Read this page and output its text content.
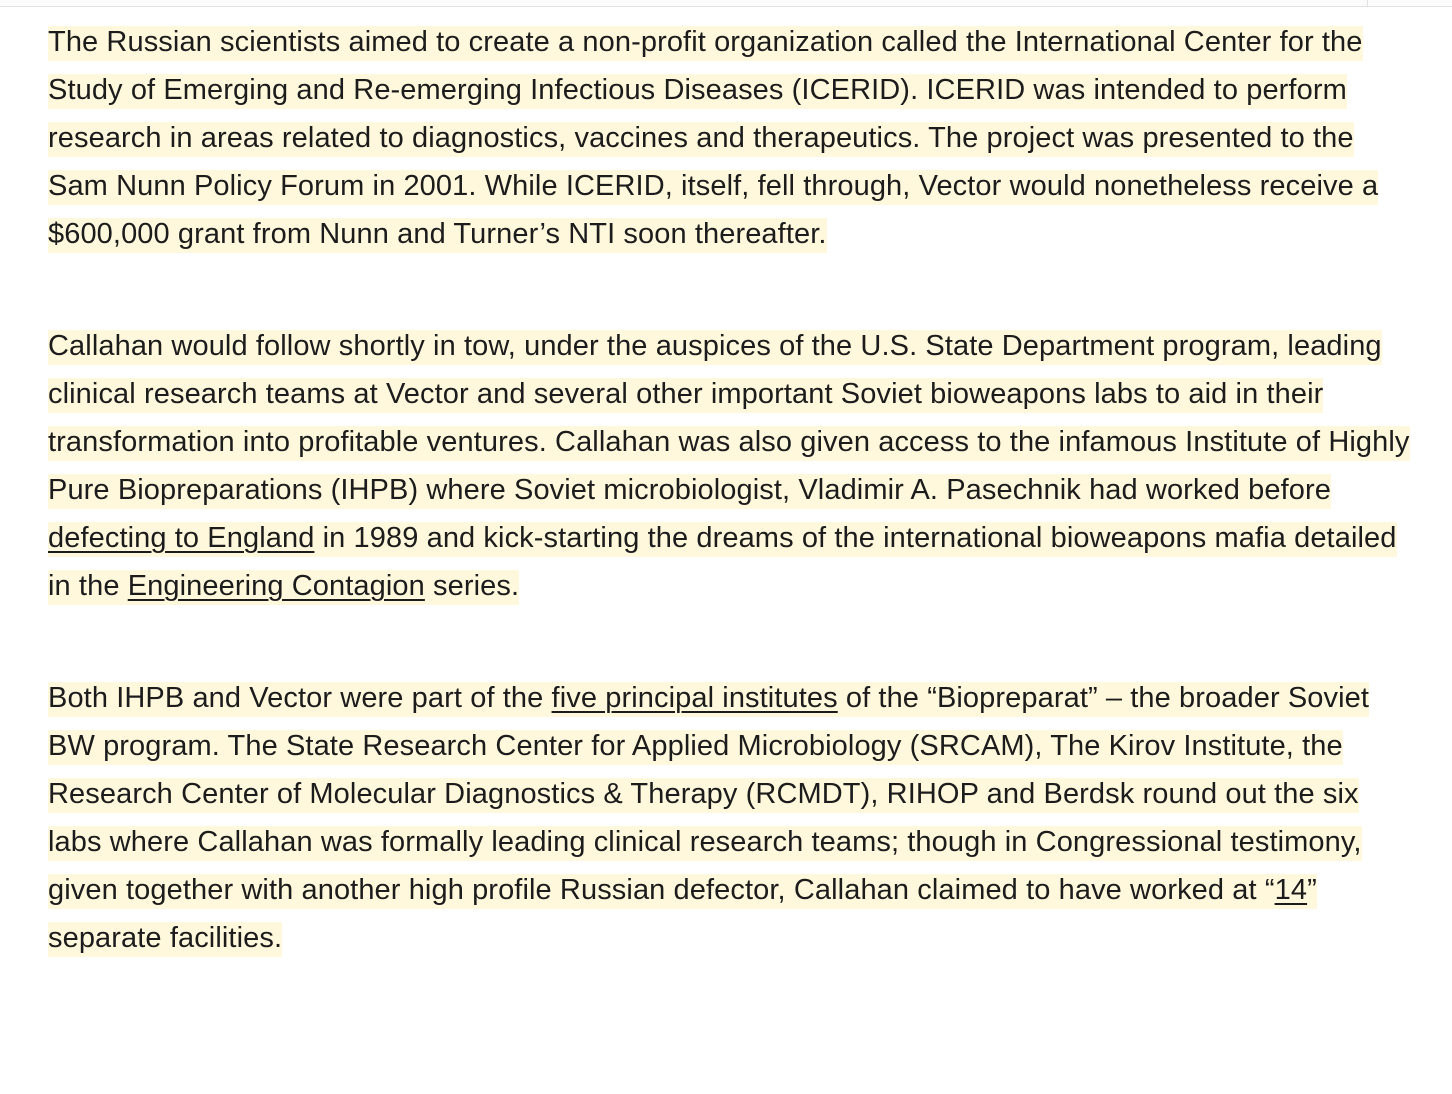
The Russian scientists aimed to create a non-profit organization called the International Center for the Study of Emerging and Re-emerging Infectious Diseases (ICERID). ICERID was intended to perform research in areas related to diagnostics, vaccines and therapeutics. The project was presented to the Sam Nunn Policy Forum in 2001. While ICERID, itself, fell through, Vector would nonetheless receive a $600,000 grant from Nunn and Turner’s NTI soon thereafter.

Callahan would follow shortly in tow, under the auspices of the U.S. State Department program, leading clinical research teams at Vector and several other important Soviet bioweapons labs to aid in their transformation into profitable ventures. Callahan was also given access to the infamous Institute of Highly Pure Biopreparations (IHPB) where Soviet microbiologist, Vladimir A. Pasechnik had worked before defecting to England in 1989 and kick-starting the dreams of the international bioweapons mafia detailed in the Engineering Contagion series.

Both IHPB and Vector were part of the five principal institutes of the “Biopreparat” – the broader Soviet BW program. The State Research Center for Applied Microbiology (SRCAM), The Kirov Institute, the Research Center of Molecular Diagnostics & Therapy (RCMDT), RIHOP and Berdsk round out the six labs where Callahan was formally leading clinical research teams; though in Congressional testimony, given together with another high profile Russian defector, Callahan claimed to have worked at “14” separate facilities.
